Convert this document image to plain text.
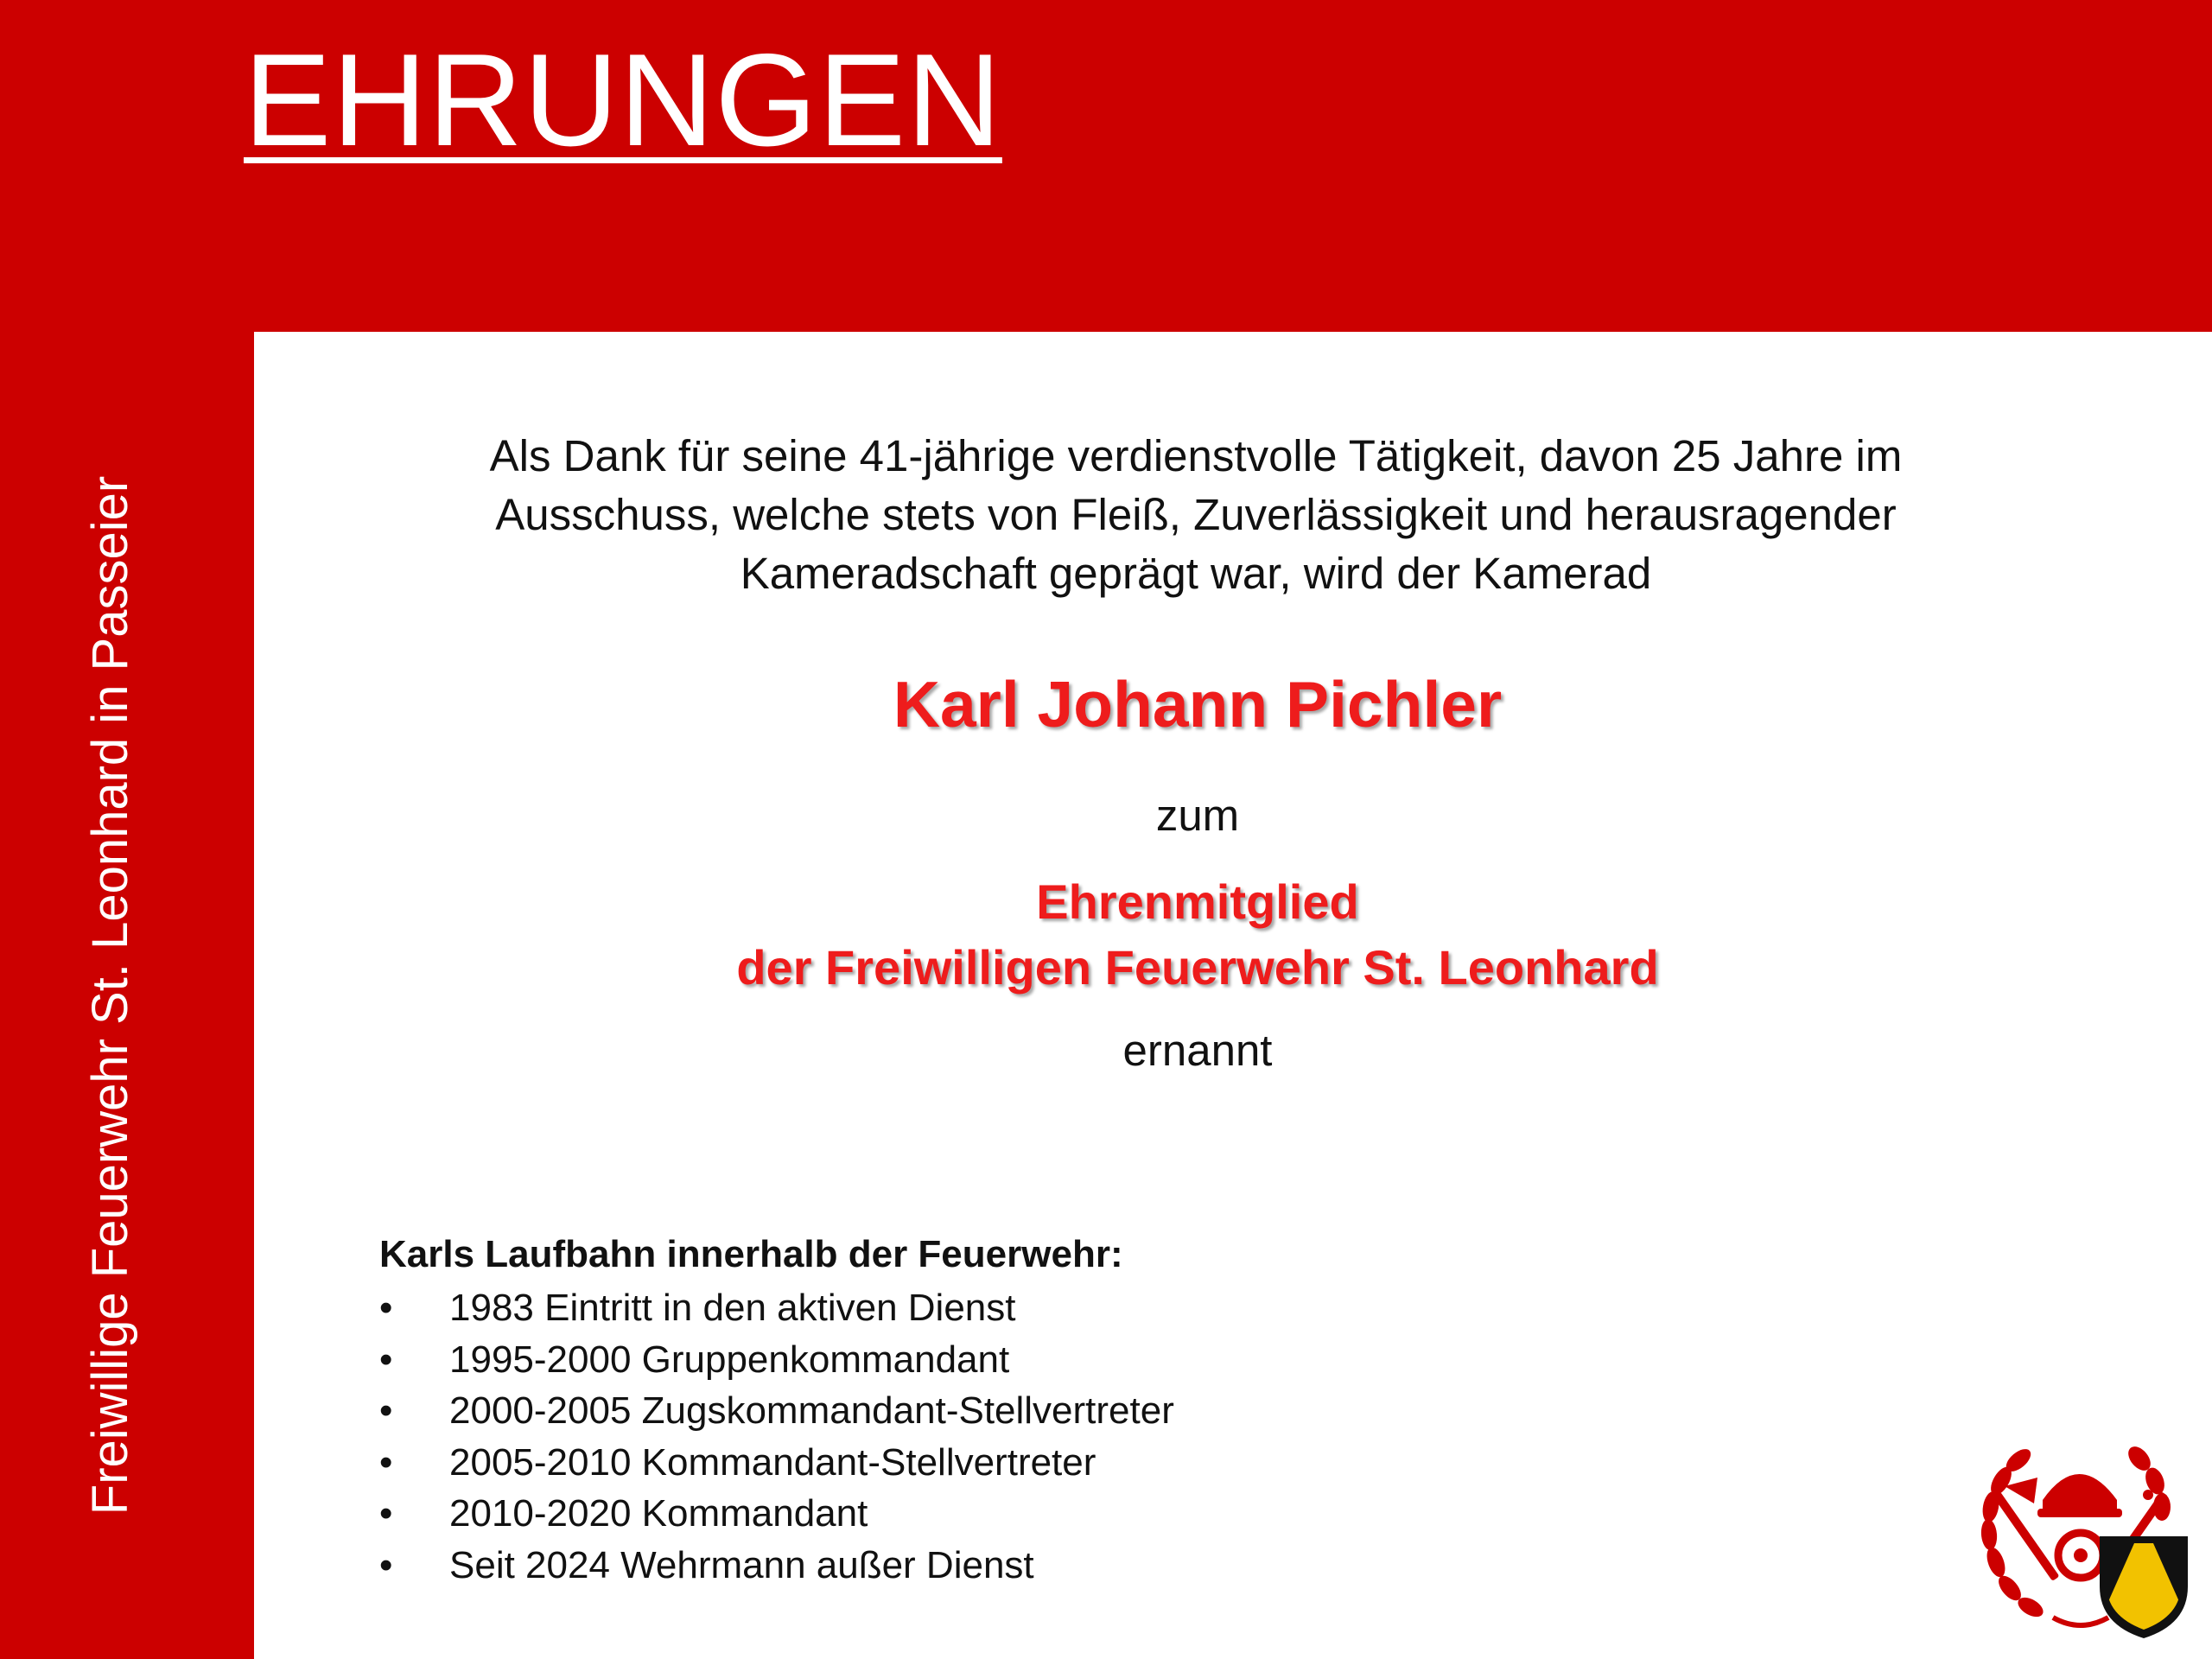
EHRUNGEN
Freiwillige Feuerwehr St. Leonhard in Passeier
Als Dank für seine 41-jährige verdienstvolle Tätigkeit, davon 25 Jahre im
Ausschuss, welche stets von Fleiß, Zuverlässigkeit und herausragender
Kameradschaft geprägt war, wird der Kamerad
Karl Johann Pichler
zum
Ehrenmitglied
der Freiwilligen Feuerwehr St. Leonhard
ernannt
Karls Laufbahn innerhalb der Feuerwehr:
• 1983 Eintritt in den aktiven Dienst
• 1995-2000 Gruppenkommandant
• 2000-2005 Zugskommandant-Stellvertreter
• 2005-2010 Kommandant-Stellvertreter
• 2010-2020 Kommandant
• Seit 2024 Wehrmann außer Dienst
